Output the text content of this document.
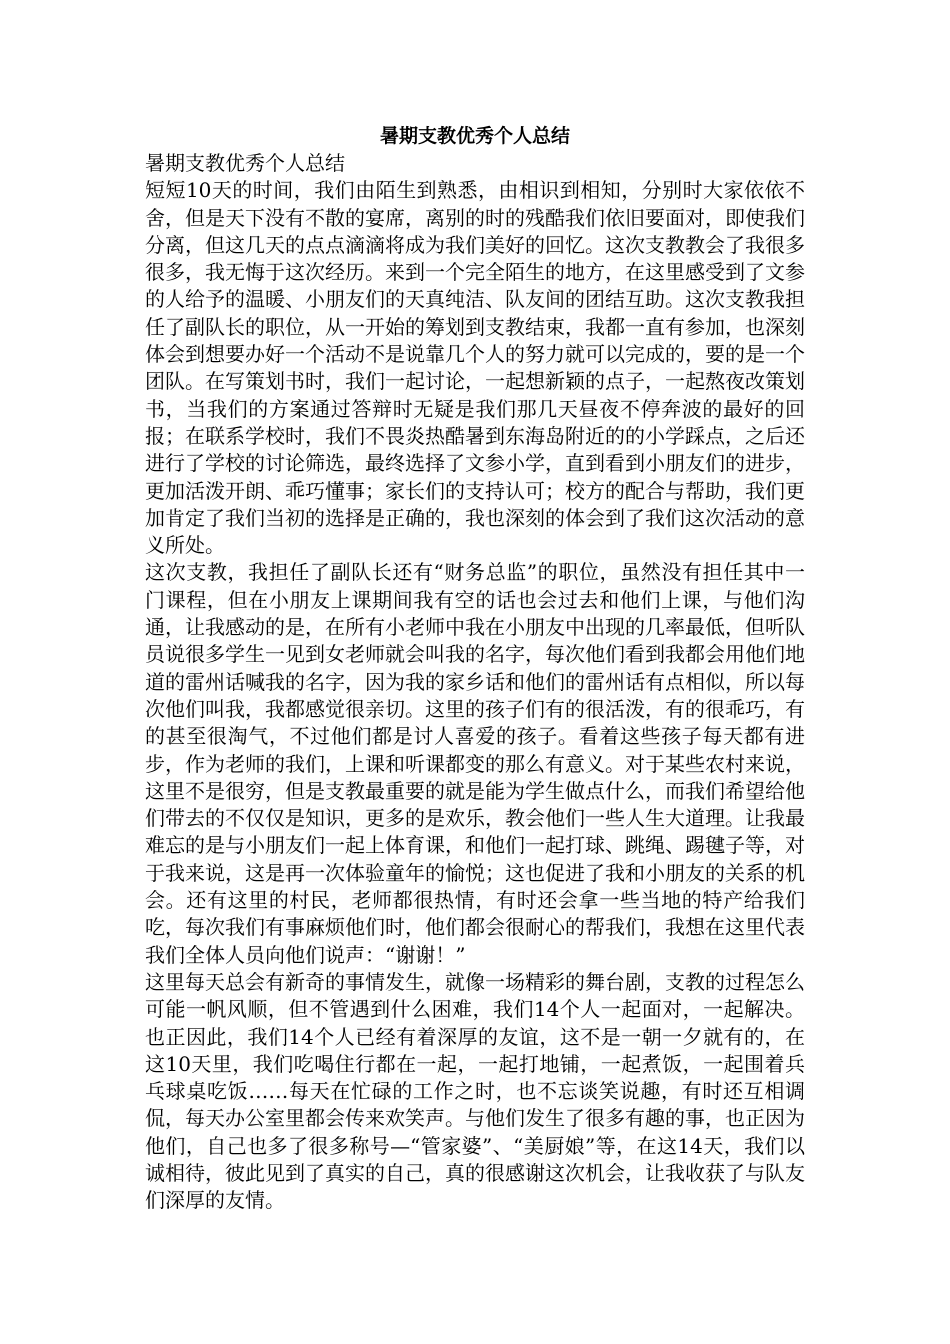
暑期支教优秀个人总结

暑期支教优秀个人总结

短短10天的时间，我们由陌生到熟悉，由相识到相知，分别时大家依依不舍，但是天下没有不散的宴席，离别的时的残酷我们依旧要面对，即使我们分离，但这几天的点点滴滴将成为我们美好的回忆。这次支教教会了我很多很多，我无悔于这次经历。来到一个完全陌生的地方，在这里感受到了文参的人给予的温暖、小朋友们的天真纯洁、队友间的团结互助。这次支教我担任了副队长的职位，从一开始的筹划到支教结束，我都一直有参加，也深刻体会到想要办好一个活动不是说靠几个人的努力就可以完成的，要的是一个团队。在写策划书时，我们一起讨论，一起想新颖的点子，一起熬夜改策划书，当我们的方案通过答辩时无疑是我们那几天昼夜不停奔波的最好的回报；在联系学校时，我们不畏炎热酷暑到东海岛附近的的小学踩点，之后还进行了学校的讨论筛选，最终选择了文参小学，直到看到小朋友们的进步，更加活泼开朗、乖巧懂事；家长们的支持认可；校方的配合与帮助，我们更加肯定了我们当初的选择是正确的，我也深刻的体会到了我们这次活动的意义所处。

这次支教，我担任了副队长还有“财务总监”的职位，虽然没有担任其中一门课程，但在小朋友上课期间我有空的话也会过去和他们上课，与他们沟通，让我感动的是，在所有小老师中我在小朋友中出现的几率最低，但听队员说很多学生一见到女老师就会叫我的名字，每次他们看到我都会用他们地道的雷州话喊我的名字，因为我的家乡话和他们的雷州话有点相似，所以每次他们叫我，我都感觉很亲切。这里的孩子们有的很活泼，有的很乖巧，有的甚至很淘气，不过他们都是讨人喜爱的孩子。看着这些孩子每天都有进步，作为老师的我们，上课和听课都变的那么有意义。对于某些农村来说，这里不是很穷，但是支教最重要的就是能为学生做点什么，而我们希望给他们带去的不仅仅是知识，更多的是欢乐，教会他们一些人生大道理。让我最难忘的是与小朋友们一起上体育课，和他们一起打球、跳绳、踢毽子等，对于我来说，这是再一次体验童年的愉悦；这也促进了我和小朋友的关系的机会。还有这里的村民，老师都很热情，有时还会拿一些当地的特产给我们吃，每次我们有事麻烦他们时，他们都会很耐心的帮我们，我想在这里代表我们全体人员向他们说声：“谢谢！”

这里每天总会有新奇的事情发生，就像一场精彩的舞台剧，支教的过程怎么可能一帆风顺，但不管遇到什么困难，我们14个人一起面对，一起解决。也正因此，我们14个人已经有着深厚的友谊，这不是一朝一夕就有的，在这10天里，我们吃喝住行都在一起，一起打地铺，一起煮饭，一起围着兵乓球桌吃饭……每天在忙碌的工作之时，也不忘谈笑说趣，有时还互相调侃，每天办公室里都会传来欢笑声。与他们发生了很多有趣的事，也正因为他们，自己也多了很多称号—“管家婆”、“美厨娘”等，在这14天，我们以诚相待，彼此见到了真实的自己，真的很感谢这次机会，让我收获了与队友们深厚的友情。
